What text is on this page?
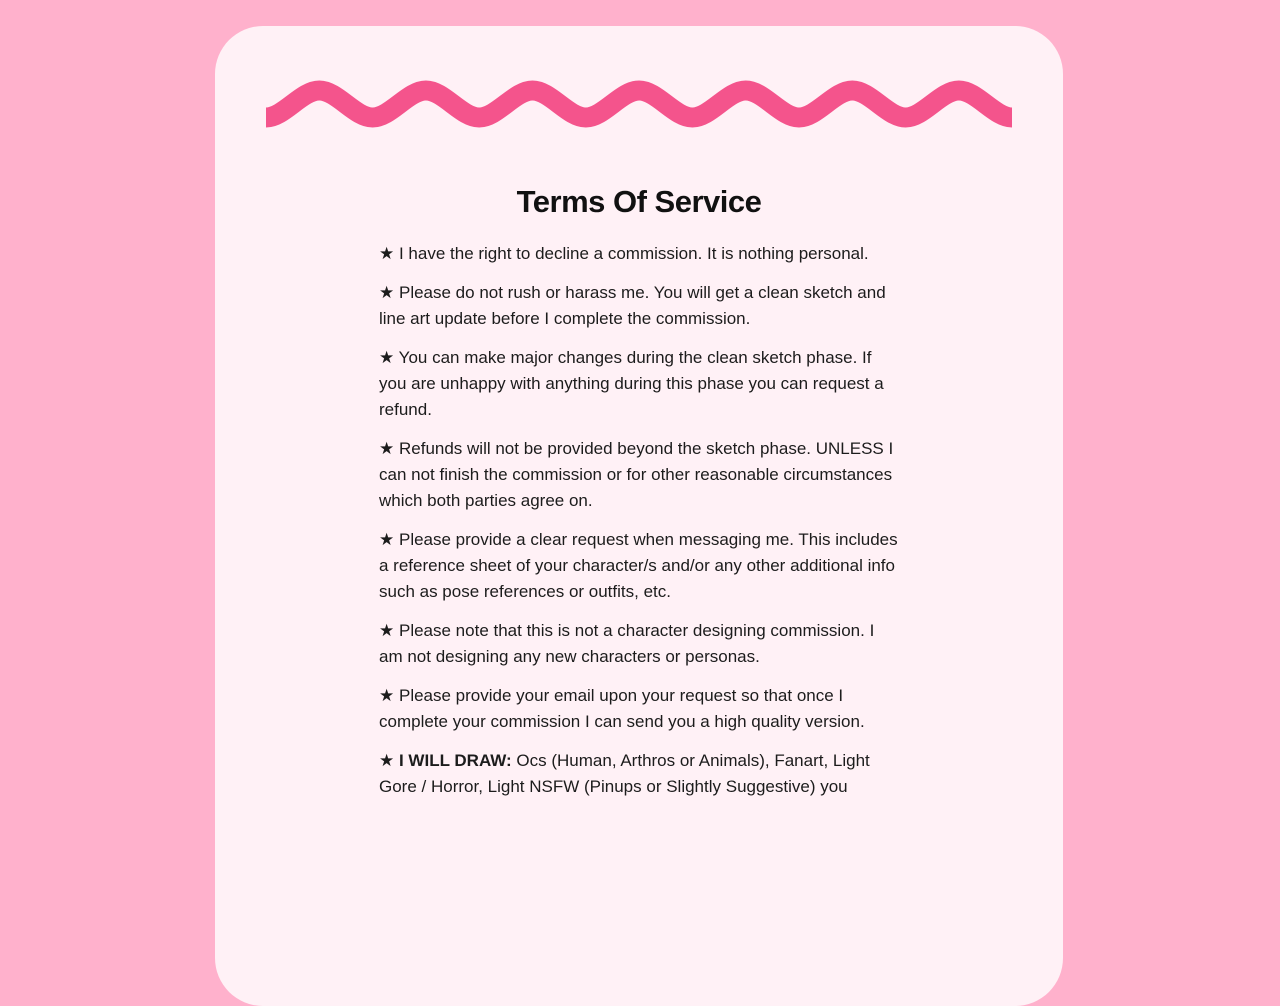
Terms Of Service

★ I have the right to decline a commission. It is nothing personal.

★ Please do not rush or harass me. You will get a clean sketch and line art update before I complete the commission.

★ You can make major changes during the clean sketch phase. If you are unhappy with anything during this phase you can request a refund.

★ Refunds will not be provided beyond the sketch phase. UNLESS I can not finish the commission or for other reasonable circumstances which both parties agree on.

★ Please provide a clear request when messaging me. This includes a reference sheet of your character/s and/or any other additional info such as pose references or outfits, etc.

★ Please note that this is not a character designing commission. I am not designing any new characters or personas.

★ Please provide your email upon your request so that once I complete your commission I can send you a high quality version.

★ I WILL DRAW: Ocs (Human, Arthros or Animals), Fanart, Light Gore / Horror, Light NSFW (Pinups or Slightly Suggestive) you
